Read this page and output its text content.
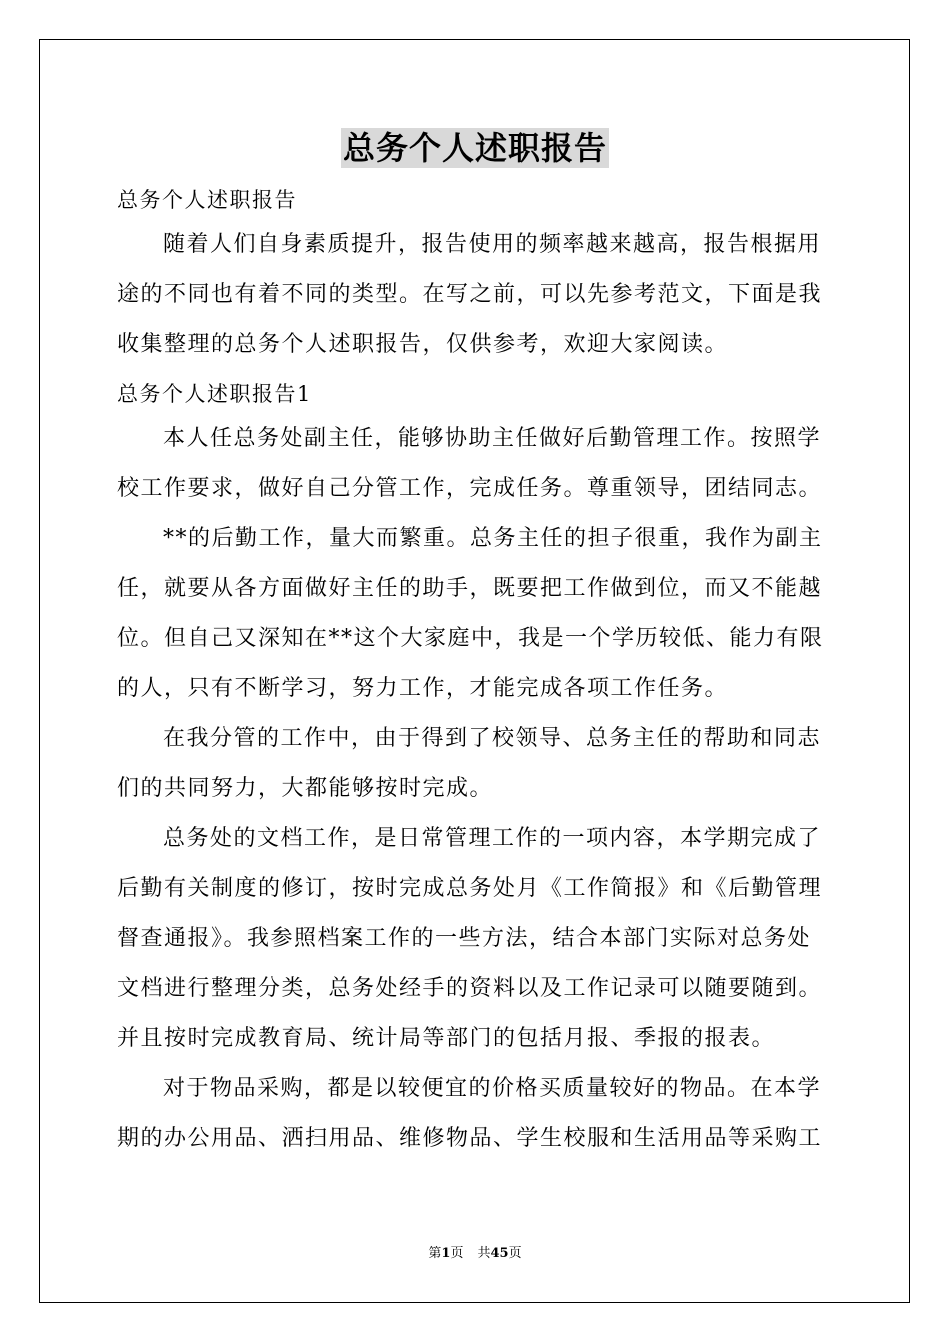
总务个人述职报告
总务个人述职报告
随着人们自身素质提升，报告使用的频率越来越高，报告根据用
途的不同也有着不同的类型。在写之前，可以先参考范文，下面是我
收集整理的总务个人述职报告，仅供参考，欢迎大家阅读。
总务个人述职报告1
本人任总务处副主任，能够协助主任做好后勤管理工作。按照学
校工作要求，做好自己分管工作，完成任务。尊重领导，团结同志。
**的后勤工作，量大而繁重。总务主任的担子很重，我作为副主
任，就要从各方面做好主任的助手，既要把工作做到位，而又不能越
位。但自己又深知在**这个大家庭中，我是一个学历较低、能力有限
的人，只有不断学习，努力工作，才能完成各项工作任务。
在我分管的工作中，由于得到了校领导、总务主任的帮助和同志
们的共同努力，大都能够按时完成。
总务处的文档工作，是日常管理工作的一项内容，本学期完成了
后勤有关制度的修订，按时完成总务处月《工作简报》和《后勤管理
督查通报》。我参照档案工作的一些方法，结合本部门实际对总务处
文档进行整理分类，总务处经手的资料以及工作记录可以随要随到。
并且按时完成教育局、统计局等部门的包括月报、季报的报表。
对于物品采购，都是以较便宜的价格买质量较好的物品。在本学
期的办公用品、洒扫用品、维修物品、学生校服和生活用品等采购工
第1页 共45页
